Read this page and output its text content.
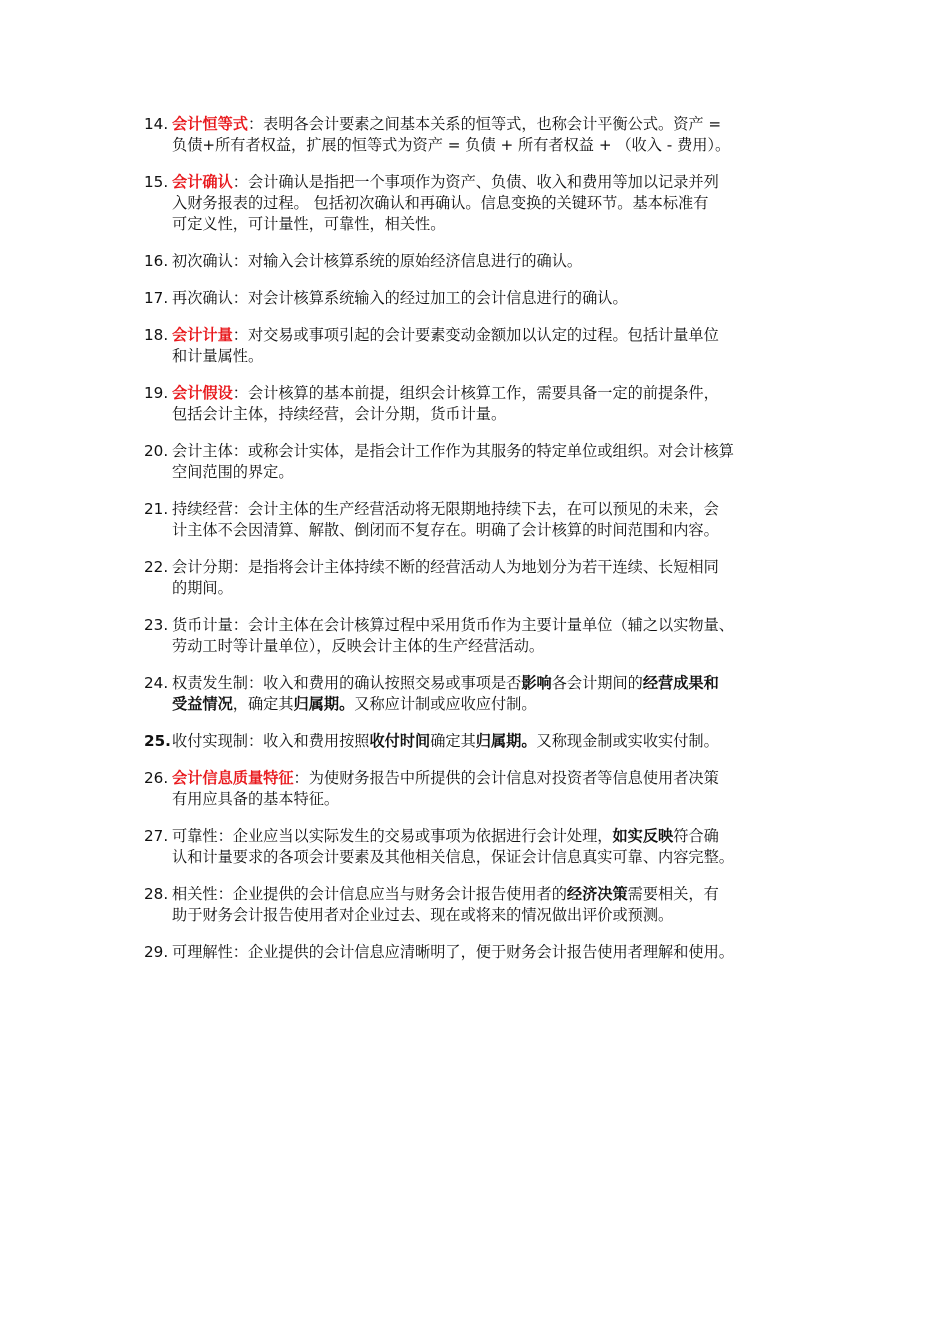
14. 会计恒等式：表明各会计要素之间基本关系的恒等式，也称会计平衡公式。资产 =
负债+所有者权益，扩展的恒等式为资产 = 负债 + 所有者权益 + （收入 - 费用）。
15. 会计确认：会计确认是指把一个事项作为资产、负债、收入和费用等加以记录并列
入财务报表的过程。 包括初次确认和再确认。信息变换的关键环节。基本标准有
可定义性，可计量性，可靠性，相关性。
16. 初次确认：对输入会计核算系统的原始经济信息进行的确认。
17. 再次确认：对会计核算系统输入的经过加工的会计信息进行的确认。
18. 会计计量：对交易或事项引起的会计要素变动金额加以认定的过程。包括计量单位
和计量属性。
19. 会计假设：会计核算的基本前提，组织会计核算工作，需要具备一定的前提条件，
包括会计主体，持续经营，会计分期，货币计量。
20. 会计主体：或称会计实体，是指会计工作作为其服务的特定单位或组织。对会计核算
空间范围的界定。
21. 持续经营：会计主体的生产经营活动将无限期地持续下去，在可以预见的未来，会
计主体不会因清算、解散、倒闭而不复存在。明确了会计核算的时间范围和内容。
22. 会计分期：是指将会计主体持续不断的经营活动人为地划分为若干连续、长短相同
的期间。
23. 货币计量：会计主体在会计核算过程中采用货币作为主要计量单位（辅之以实物量、
劳动工时等计量单位），反映会计主体的生产经营活动。
24. 权责发生制：收入和费用的确认按照交易或事项是否影响各会计期间的经营成果和
受益情况，确定其归属期。又称应计制或应收应付制。
25. 收付实现制：收入和费用按照收付时间确定其归属期。又称现金制或实收实付制。
26. 会计信息质量特征：为使财务报告中所提供的会计信息对投资者等信息使用者决策
有用应具备的基本特征。
27. 可靠性：企业应当以实际发生的交易或事项为依据进行会计处理，如实反映符合确
认和计量要求的各项会计要素及其他相关信息，保证会计信息真实可靠、内容完整。
28. 相关性：企业提供的会计信息应当与财务会计报告使用者的经济决策需要相关，有
助于财务会计报告使用者对企业过去、现在或将来的情况做出评价或预测。
29. 可理解性：企业提供的会计信息应清晰明了，便于财务会计报告使用者理解和使用。
